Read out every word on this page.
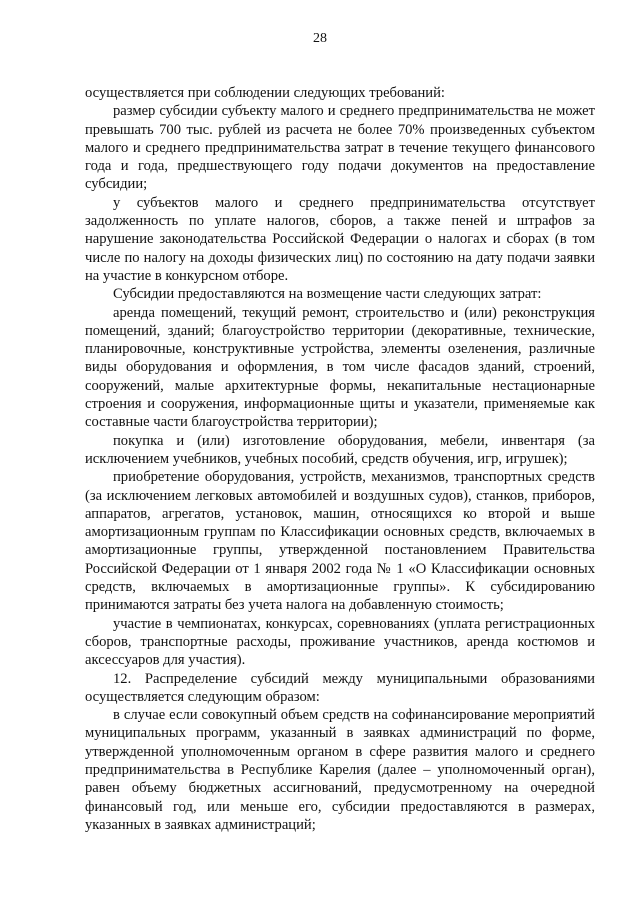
28

осуществляется при соблюдении следующих требований:

размер субсидии субъекту малого и среднего предпринимательства не может превышать 700 тыс. рублей из расчета не более 70% произведенных субъектом малого и среднего предпринимательства затрат в течение текущего финансового года и года, предшествующего году подачи документов на предоставление субсидии;

у субъектов малого и среднего предпринимательства отсутствует задолженность по уплате налогов, сборов, а также пеней и штрафов за нарушение законодательства Российской Федерации о налогах и сборах (в том числе по налогу на доходы физических лиц) по состоянию на дату подачи заявки на участие в конкурсном отборе.

Субсидии предоставляются на возмещение части следующих затрат:

аренда помещений, текущий ремонт, строительство и (или) реконструкция помещений, зданий; благоустройство территории (декоративные, технические, планировочные, конструктивные устройства, элементы озеленения, различные виды оборудования и оформления, в том числе фасадов зданий, строений, сооружений, малые архитектурные формы, некапитальные нестационарные строения и сооружения, информационные щиты и указатели, применяемые как составные части благоустройства территории);

покупка и (или) изготовление оборудования, мебели, инвентаря (за исключением учебников, учебных пособий, средств обучения, игр, игрушек);

приобретение оборудования, устройств, механизмов, транспортных средств (за исключением легковых автомобилей и воздушных судов), станков, приборов, аппаратов, агрегатов, установок, машин, относящихся ко второй и выше амортизационным группам по Классификации основных средств, включаемых в амортизационные группы, утвержденной постановлением Правительства Российской Федерации от 1 января 2002 года № 1 «О Классификации основных средств, включаемых в амортизационные группы». К субсидированию принимаются затраты без учета налога на добавленную стоимость;

участие в чемпионатах, конкурсах, соревнованиях (уплата регистрационных сборов, транспортные расходы, проживание участников, аренда костюмов и аксессуаров для участия).

12. Распределение субсидий между муниципальными образованиями осуществляется следующим образом:

в случае если совокупный объем средств на софинансирование мероприятий муниципальных программ, указанный в заявках администраций по форме, утвержденной уполномоченным органом в сфере развития малого и среднего предпринимательства в Республике Карелия (далее – уполномоченный орган), равен объему бюджетных ассигнований, предусмотренному на очередной финансовый год, или меньше его, субсидии предоставляются в размерах, указанных в заявках администраций;
